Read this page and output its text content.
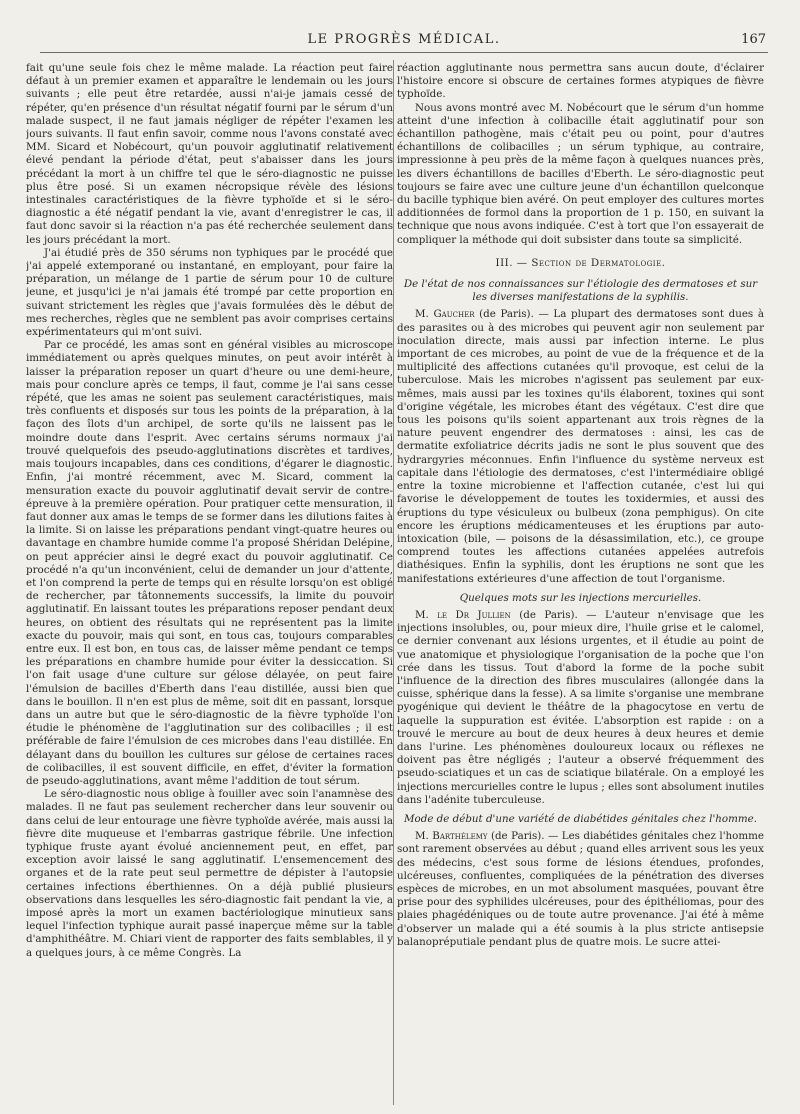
LE PROGRÈS MÉDICAL.	167

fait qu'une seule fois chez le même malade. La réaction peut faire défaut à un premier examen et apparaître le lendemain ou les jours suivants ; elle peut être retardée, aussi n'ai-je jamais cessé de répéter, qu'en présence d'un résultat négatif fourni par le sérum d'un malade suspect, il ne faut jamais négliger de répéter l'examen les jours suivants. Il faut enfin savoir, comme nous l'avons constaté avec MM. Sicard et Nobécourt, qu'un pouvoir agglutinatif relativement élevé pendant la période d'état, peut s'abaisser dans les jours précédant la mort à un chiffre tel que le séro-diagnostic ne puisse plus être posé. Si un examen nécropsique révèle des lésions intestinales caractéristiques de la fièvre typhoïde et si le séro-diagnostic a été négatif pendant la vie, avant d'enregistrer le cas, il faut donc savoir si la réaction n'a pas été recherchée seulement dans les jours précédant la mort.

J'ai étudié près de 350 sérums non typhiques par le procédé que j'ai appelé extemporané ou instantané, en employant, pour faire la préparation, un mélange de 1 partie de sérum pour 10 de culture jeune, et jusqu'ici je n'ai jamais été trompé par cette proportion en suivant strictement les règles que j'avais formulées dès le début de mes recherches, règles que ne semblent pas avoir comprises certains expérimentateurs qui m'ont suivi.

Par ce procédé, les amas sont en général visibles au microscope immédiatement ou après quelques minutes, on peut avoir intérêt à laisser la préparation reposer un quart d'heure ou une demi-heure, mais pour conclure après ce temps, il faut, comme je l'ai sans cesse répété, que les amas ne soient pas seulement caractéristiques, mais très confluents et disposés sur tous les points de la préparation, à la façon des îlots d'un archipel, de sorte qu'ils ne laissent pas le moindre doute dans l'esprit. Avec certains sérums normaux j'ai trouvé quelquefois des pseudo-agglutinations discrètes et tardives, mais toujours incapables, dans ces conditions, d'égarer le diagnostic. Enfin, j'ai montré récemment, avec M. Sicard, comment la mensuration exacte du pouvoir agglutinatif devait servir de contre-épreuve à la première opération. Pour pratiquer cette mensuration, il faut donner aux amas le temps de se former dans les dilutions faites à la limite. Si on laisse les préparations pendant vingt-quatre heures ou davantage en chambre humide comme l'a proposé Shéridan Delépine, on peut apprécier ainsi le degré exact du pouvoir agglutinatif. Ce procédé n'a qu'un inconvénient, celui de demander un jour d'attente, et l'on comprend la perte de temps qui en résulte lorsqu'on est obligé de rechercher, par tâtonnements successifs, la limite du pouvoir agglutinatif. En laissant toutes les préparations reposer pendant deux heures, on obtient des résultats qui ne représentent pas la limite exacte du pouvoir, mais qui sont, en tous cas, toujours comparables entre eux. Il est bon, en tous cas, de laisser même pendant ce temps les préparations en chambre humide pour éviter la dessiccation. Si l'on fait usage d'une culture sur gélose délayée, on peut faire l'émulsion de bacilles d'Eberth dans l'eau distillée, aussi bien que dans le bouillon. Il n'en est plus de même, soit dit en passant, lorsque dans un autre but que le séro-diagnostic de la fièvre typhoïde l'on étudie le phénomène de l'agglutination sur des colibacilles ; il est préférable de faire l'émulsion de ces microbes dans l'eau distillée. En délayant dans du bouillon les cultures sur gélose de certaines races de colibacilles, il est souvent difficile, en effet, d'éviter la formation de pseudo-agglutinations, avant même l'addition de tout sérum.

Le séro-diagnostic nous oblige à fouiller avec soin l'anamnèse des malades. Il ne faut pas seulement rechercher dans leur souvenir ou dans celui de leur entourage une fièvre typhoïde avérée, mais aussi la fièvre dite muqueuse et l'embarras gastrique fébrile. Une infection typhique fruste ayant évolué anciennement peut, en effet, par exception avoir laissé le sang agglutinatif. L'ensemencement des organes et de la rate peut seul permettre de dépister à l'autopsie certaines infections éberthiennes. On a déjà publié plusieurs observations dans lesquelles les séro-diagnostic fait pendant la vie, a imposé après la mort un examen bactériologique minutieux sans lequel l'infection typhique aurait passé inaperçue même sur la table d'amphithéâtre. M. Chiari vient de rapporter des faits semblables, il y a quelques jours, à ce même Congrès. La

réaction agglutinante nous permettra sans aucun doute, d'éclairer l'histoire encore si obscure de certaines formes atypiques de fièvre typhoïde.

Nous avons montré avec M. Nobécourt que le sérum d'un homme atteint d'une infection à colibacille était agglutinatif pour son échantillon pathogène, mais c'était peu ou point, pour d'autres échantillons de colibacilles ; un sérum typhique, au contraire, impressionne à peu près de la même façon à quelques nuances près, les divers échantillons de bacilles d'Eberth. Le séro-diagnostic peut toujours se faire avec une culture jeune d'un échantillon quelconque du bacille typhique bien avéré. On peut employer des cultures mortes additionnées de formol dans la proportion de 1 p. 150, en suivant la technique que nous avons indiquée. C'est à tort que l'on essayerait de compliquer la méthode qui doit subsister dans toute sa simplicité.

III. — Section de Dermatologie.
De l'état de nos connaissances sur l'étiologie des dermatoses et sur les diverses manifestations de la syphilis.

M. Gaucher (de Paris). — La plupart des dermatoses sont dues à des parasites ou à des microbes qui peuvent agir non seulement par inoculation directe, mais aussi par infection interne. Le plus important de ces microbes, au point de vue de la fréquence et de la multiplicité des affections cutanées qu'il provoque, est celui de la tuberculose. Mais les microbes n'agissent pas seulement par eux-mêmes, mais aussi par les toxines qu'ils élaborent, toxines qui sont d'origine végétale, les microbes étant des végétaux. C'est dire que tous les poisons qu'ils soient appartenant aux trois règnes de la nature peuvent engendrer des dermatoses : ainsi, les cas de dermatite exfoliatrice décrits jadis ne sont le plus souvent que des hydrargyries méconnues. Enfin l'influence du système nerveux est capitale dans l'étiologie des dermatoses, c'est l'intermédiaire obligé entre la toxine microbienne et l'affection cutanée, c'est lui qui favorise le développement de toutes les toxidermies, et aussi des éruptions du type vésiculeux ou bulbeux (zona pemphigus). On cite encore les éruptions médicamenteuses et les éruptions par auto-intoxication (bile, — poisons de la désassimilation, etc.), ce groupe comprend toutes les affections cutanées appelées autrefois diathésiques. Enfin la syphilis, dont les éruptions ne sont que les manifestations extérieures d'une affection de tout l'organisme.

Quelques mots sur les injections mercurielles.

M. le Dr Jullien (de Paris). — L'auteur n'envisage que les injections insolubles, ou, pour mieux dire, l'huile grise et le calomel, ce dernier convenant aux lésions urgentes, et il étudie au point de vue anatomique et physiologique l'organisation de la poche que l'on crée dans les tissus. Tout d'abord la forme de la poche subit l'influence de la direction des fibres musculaires (allongée dans la cuisse, sphérique dans la fesse). A sa limite s'organise une membrane pyogénique qui devient le théâtre de la phagocytose en vertu de laquelle la suppuration est évitée. L'absorption est rapide : on a trouvé le mercure au bout de deux heures à deux heures et demie dans l'urine. Les phénomènes douloureux locaux ou réflexes ne doivent pas être négligés ; l'auteur a observé fréquemment des pseudo-sciatiques et un cas de sciatique bilatérale. On a employé les injections mercurielles contre le lupus ; elles sont absolument inutiles dans l'adénite tuberculeuse.

Mode de début d'une variété de diabétides génitales chez l'homme.

M. Barthélemy (de Paris). — Les diabétides génitales chez l'homme sont rarement observées au début ; quand elles arrivent sous les yeux des médecins, c'est sous forme de lésions étendues, profondes, ulcéreuses, confluentes, compliquées de la pénétration des diverses espèces de microbes, en un mot absolument masquées, pouvant être prise pour des syphilides ulcéreuses, pour des épithéliomas, pour des plaies phagédéniques ou de toute autre provenance. J'ai été à même d'observer un malade qui a été soumis à la plus stricte antisepsie balanopréputiale pendant plus de quatre mois. Le sucre attei-
